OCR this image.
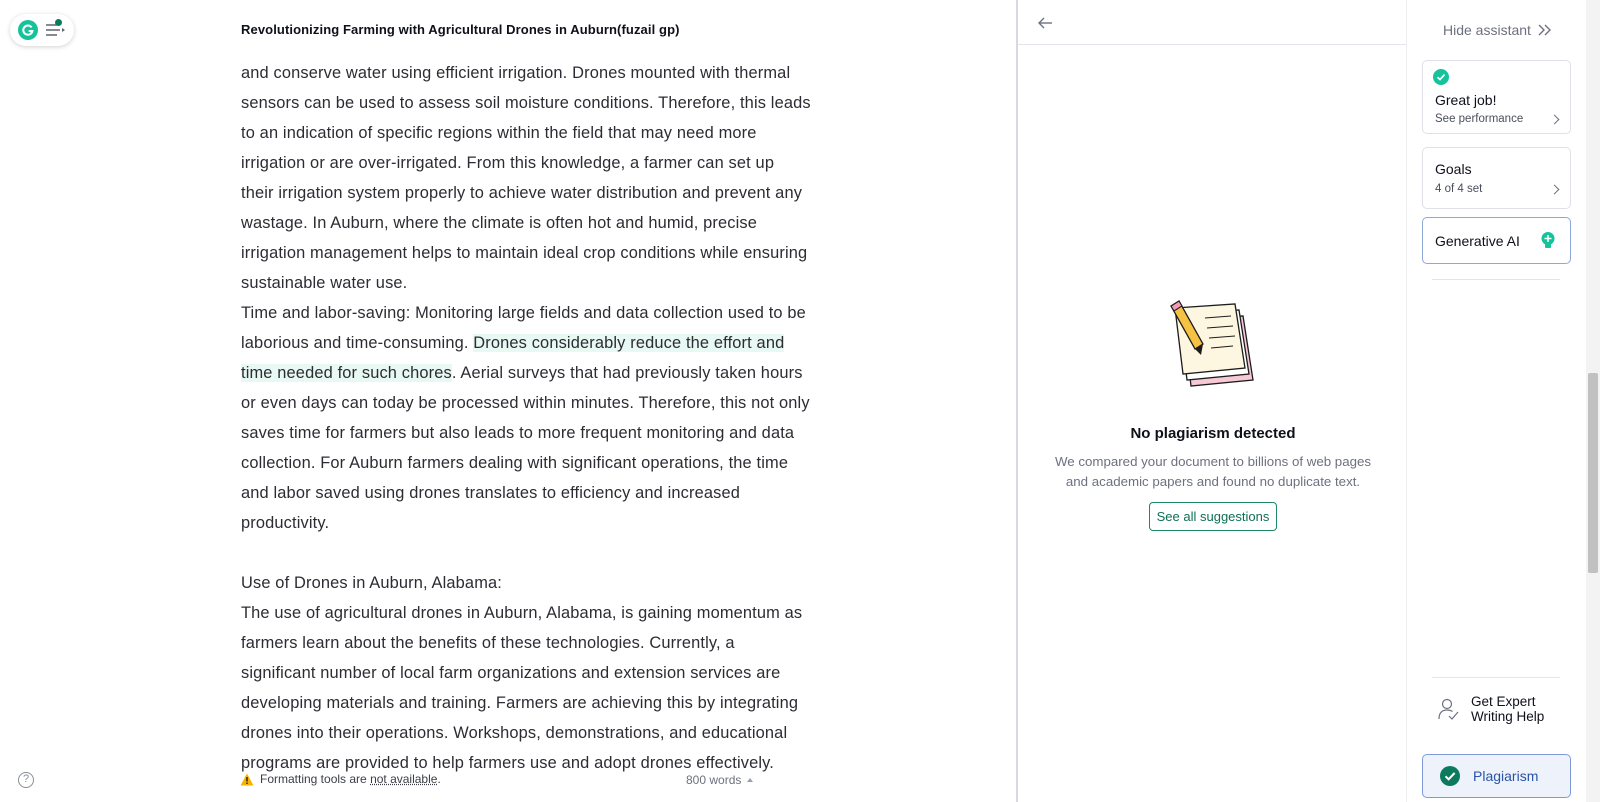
Revolutionizing Farming with Agricultural Drones in Auburn(fuzail gp)

and conserve water using efficient irrigation. Drones mounted with thermal sensors can be used to assess soil moisture conditions. Therefore, this leads to an indication of specific regions within the field that may need more irrigation or are over-irrigated. From this knowledge, a farmer can set up their irrigation system properly to achieve water distribution and prevent any wastage. In Auburn, where the climate is often hot and humid, precise irrigation management helps to maintain ideal crop conditions while ensuring sustainable water use.

Time and labor-saving: Monitoring large fields and data collection used to be laborious and time-consuming. Drones considerably reduce the effort and time needed for such chores. Aerial surveys that had previously taken hours or even days can today be processed within minutes. Therefore, this not only saves time for farmers but also leads to more frequent monitoring and data collection. For Auburn farmers dealing with significant operations, the time and labor saved using drones translates to efficiency and increased productivity.

Use of Drones in Auburn, Alabama:

The use of agricultural drones in Auburn, Alabama, is gaining momentum as farmers learn about the benefits of these technologies. Currently, a significant number of local farm organizations and extension services are developing materials and training. Farmers are achieving this by integrating drones into their operations. Workshops, demonstrations, and educational programs are provided to help farmers use and adopt drones effectively.

?	Formatting tools are not available.	800 words
No plagiarism detected
We compared your document to billions of web pages and academic papers and found no duplicate text.
See all suggestions
Hide assistant
Great job!
See performance
Goals
4 of 4 set
Generative AI
Get Expert
Writing Help
Plagiarism
